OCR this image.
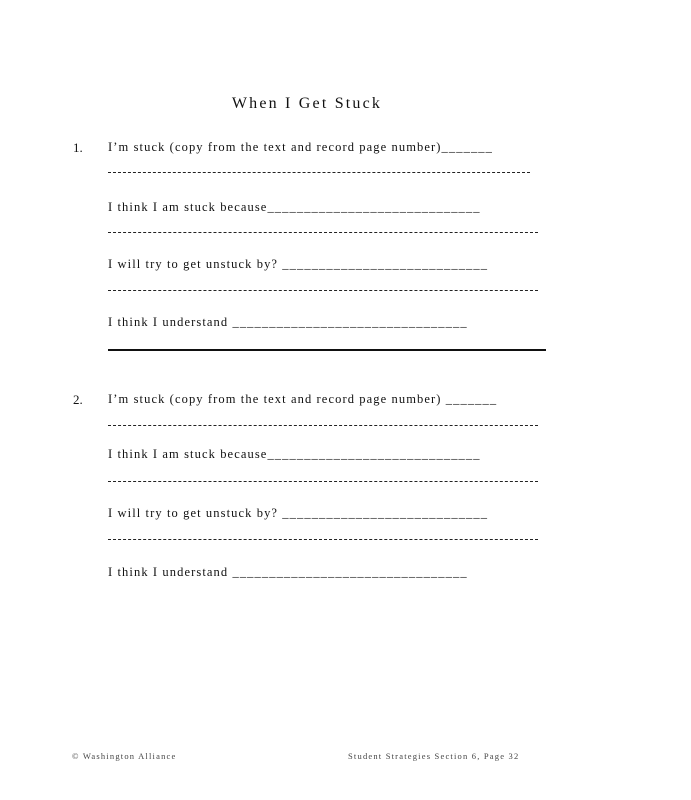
When I Get Stuck
1. I’m stuck (copy from the text and record page number)_______
I think I am stuck because_____________________________
I will try to get unstuck by? ____________________________
I think I understand ________________________________
2. I’m stuck (copy from the text and record page number) _______
I think I am stuck because_____________________________
I will try to get unstuck by? ____________________________
I think I understand ________________________________
© Washington Alliance	Student Strategies Section 6, Page 32
